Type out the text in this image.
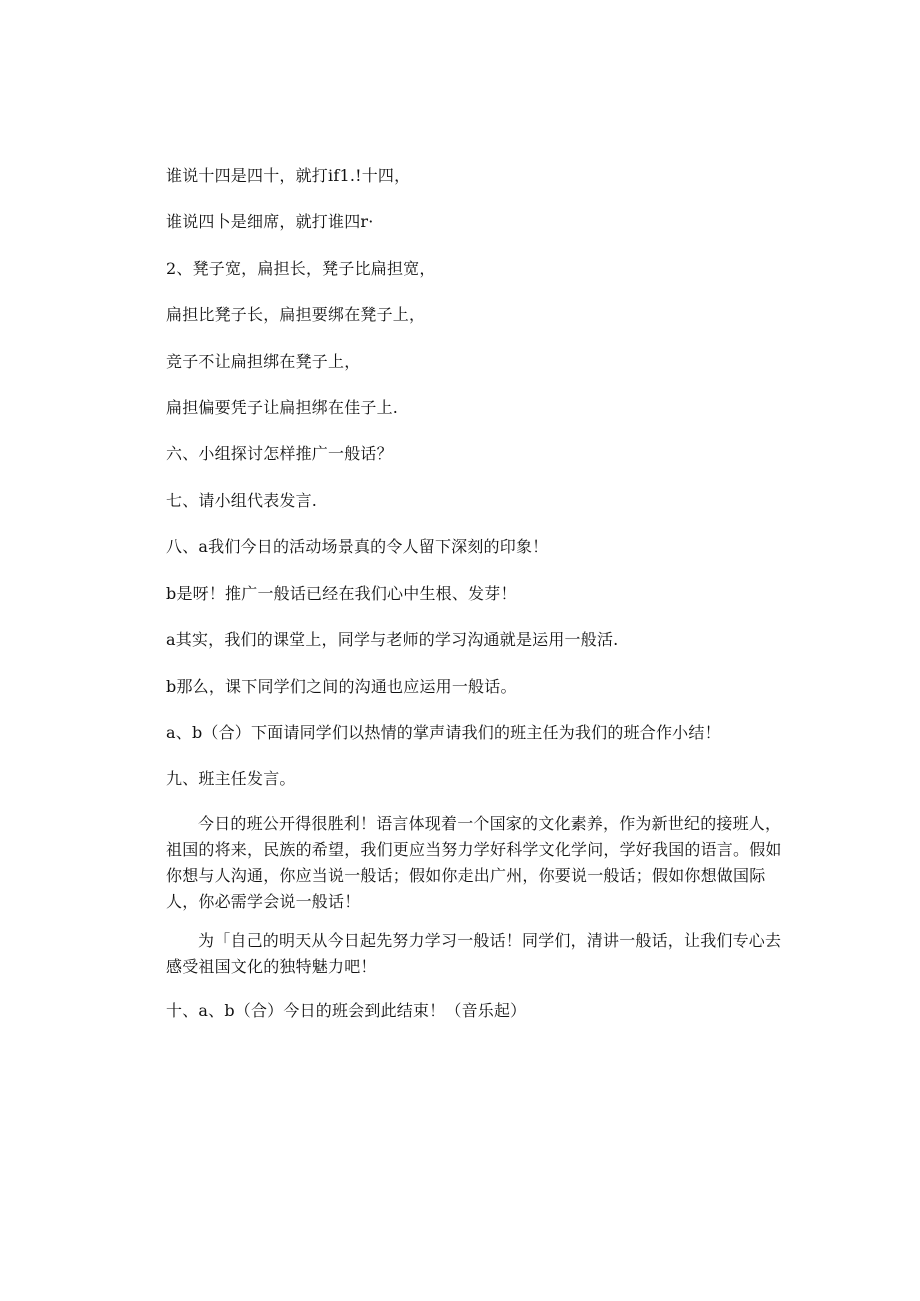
谁说十四是四十，就打if1.!十四，
谁说四卜是细席，就打谁四r·
2、凳子宽，扁担长，凳子比扁担宽，
扁担比凳子长，扁担要绑在凳子上，
竞子不让扁担绑在凳子上，
扁担偏要凭子让扁担绑在佳子上.
六、小组探讨怎样推广一般话？
七、请小组代表发言.
八、a我们今日的活动场景真的令人留下深刻的印象！
b是呀！推广一般话已经在我们心中生根、发芽！
a其实，我们的课堂上，同学与老师的学习沟通就是运用一般活.
b那么，课下同学们之间的沟通也应运用一般话。
a、b（合）下面请同学们以热情的掌声请我们的班主任为我们的班合作小结！
九、班主任发言。
今日的班公开得很胜利！语言体现着一个国家的文化素养，作为新世纪的接班人，祖国的将来，民族的希望，我们更应当努力学好科学文化学问，学好我国的语言。假如你想与人沟通，你应当说一般话；假如你走出广州，你要说一般话；假如你想做国际人，你必需学会说一般话！
为「自己的明天从今日起先努力学习一般话！同学们，清讲一般话，让我们专心去感受祖国文化的独特魅力吧！
十、a、b（合）今日的班会到此结束！（音乐起）
